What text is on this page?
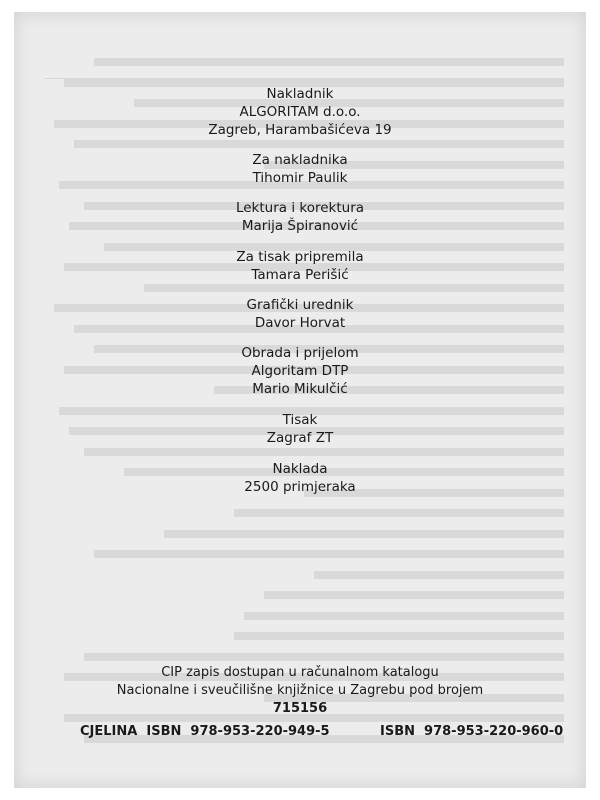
Nakladnik
ALGORITAM d.o.o.
Zagreb, Harambašićeva 19
Za nakladnika
Tihomir Paulik
Lektura i korektura
Marija Špiranović
Za tisak pripremila
Tamara Perišić
Grafički urednik
Davor Horvat
Obrada i prijelom
Algoritam DTP
Mario Mikulčić
Tisak
Zagraf ZT
Naklada
2500 primjeraka
CIP zapis dostupan u računalnom katalogu
Nacionalne i sveučilišne knjižnice u Zagrebu pod brojem
715156
CJELINA  ISBN  978-953-220-949-5	ISBN  978-953-220-960-0
